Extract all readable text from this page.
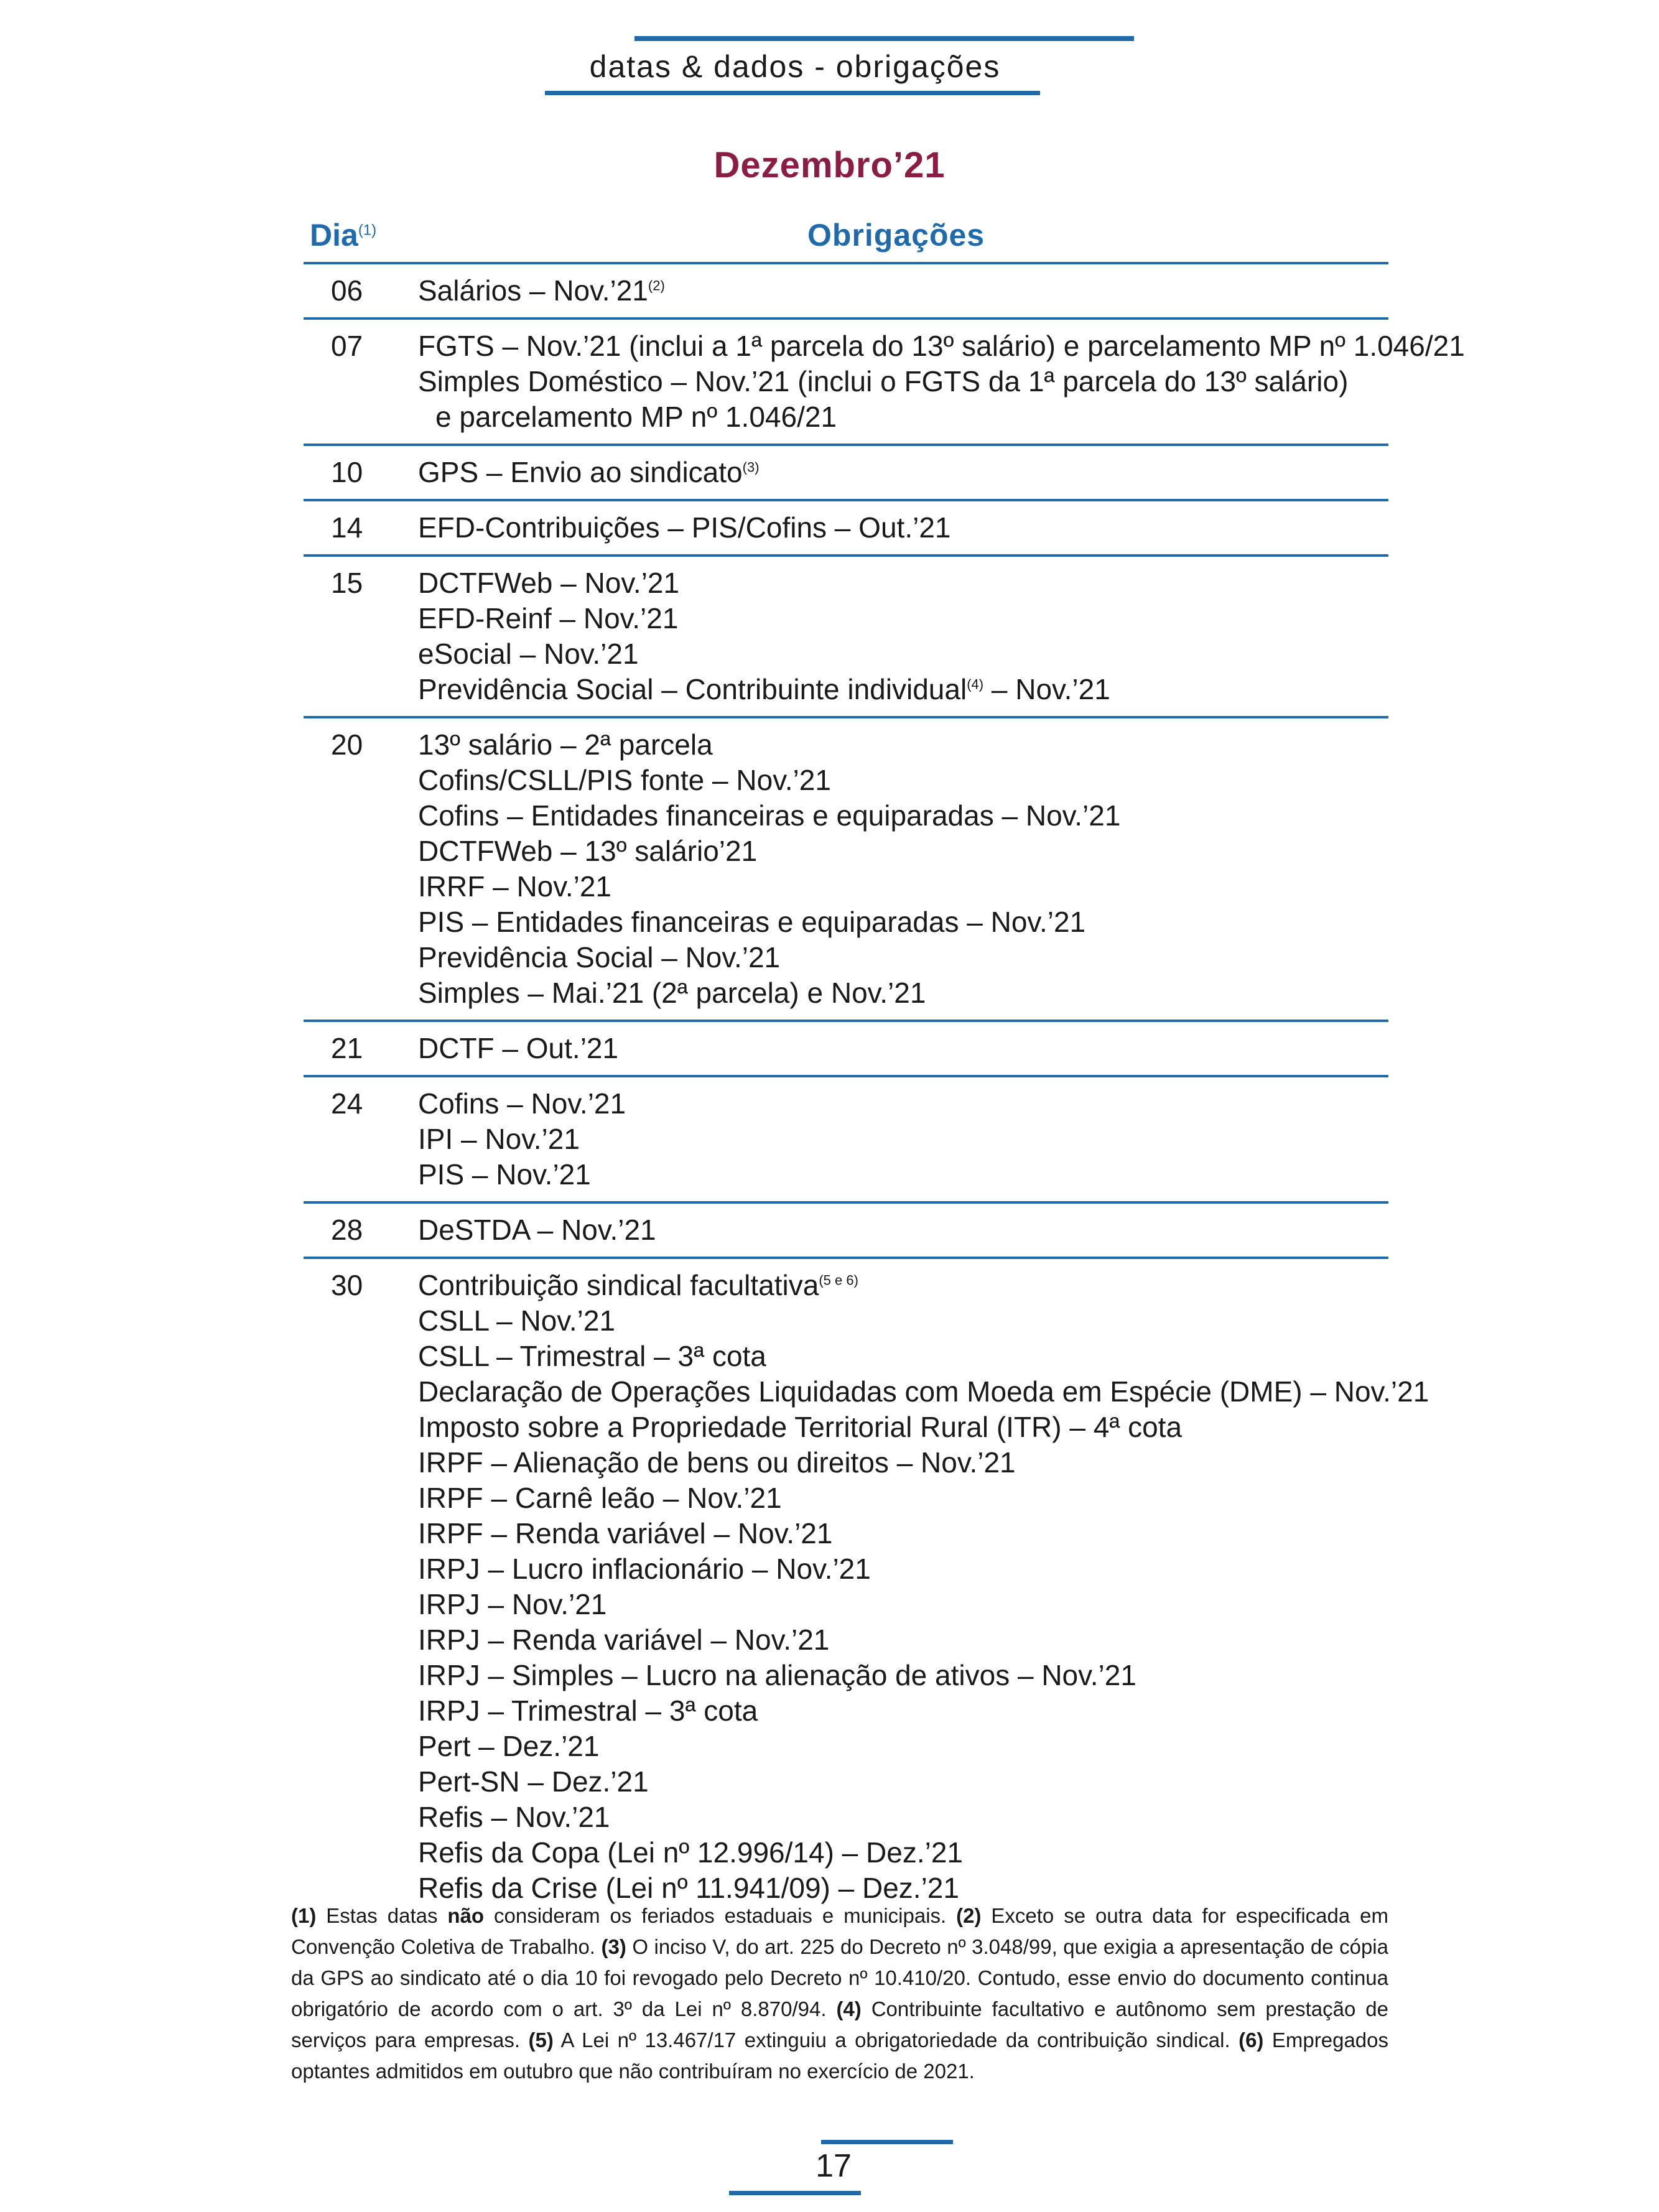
datas & dados - obrigações
Dezembro’21
Dia$^{(1)}$	Obrigações
06 Salários – Nov.’21$^{(2)}$
07 FGTS – Nov.’21 (inclui a 1ª parcela do 13º salário) e parcelamento MP nº 1.046/21
Simples Doméstico – Nov.’21 (inclui o FGTS da 1ª parcela do 13º salário)
e parcelamento MP nº 1.046/21
10 GPS – Envio ao sindicato$^{(3)}$
14 EFD-Contribuições – PIS/Cofins – Out.’21
15 DCTFWeb – Nov.’21
EFD-Reinf – Nov.’21
eSocial – Nov.’21
Previdência Social – Contribuinte individual$^{(4)}$ – Nov.’21
20 13º salário – 2ª parcela
Cofins/CSLL/PIS fonte – Nov.’21
Cofins – Entidades financeiras e equiparadas – Nov.’21
DCTFWeb – 13º salário’21
IRRF – Nov.’21
PIS – Entidades financeiras e equiparadas – Nov.’21
Previdência Social – Nov.’21
Simples – Mai.’21 (2ª parcela) e Nov.’21
21 DCTF – Out.’21
24 Cofins – Nov.’21
IPI – Nov.’21
PIS – Nov.’21
28 DeSTDA – Nov.’21
30 Contribuição sindical facultativa$^{(5 e 6)}$
CSLL – Nov.’21
CSLL – Trimestral – 3ª cota
Declaração de Operações Liquidadas com Moeda em Espécie (DME) – Nov.’21
Imposto sobre a Propriedade Territorial Rural (ITR) – 4ª cota
IRPF – Alienação de bens ou direitos – Nov.’21
IRPF – Carnê leão – Nov.’21
IRPF – Renda variável – Nov.’21
IRPJ – Lucro inflacionário – Nov.’21
IRPJ – Nov.’21
IRPJ – Renda variável – Nov.’21
IRPJ – Simples – Lucro na alienação de ativos – Nov.’21
IRPJ – Trimestral – 3ª cota
Pert – Dez.’21
Pert-SN – Dez.’21
Refis – Nov.’21
Refis da Copa (Lei nº 12.996/14) – Dez.’21
Refis da Crise (Lei nº 11.941/09) – Dez.’21

(1) Estas datas não consideram os feriados estaduais e municipais. (2) Exceto se outra data for especificada em Convenção Coletiva de Trabalho. (3) O inciso V, do art. 225 do Decreto nº 3.048/99, que exigia a apresentação de cópia da GPS ao sindicato até o dia 10 foi revogado pelo Decreto nº 10.410/20. Contudo, esse envio do documento continua obrigatório de acordo com o art. 3º da Lei nº 8.870/94. (4) Contribuinte facultativo e autônomo sem prestação de serviços para empresas. (5) A Lei nº 13.467/17 extinguiu a obrigatoriedade da contribuição sindical. (6) Empregados optantes admitidos em outubro que não contribuíram no exercício de 2021.

17
